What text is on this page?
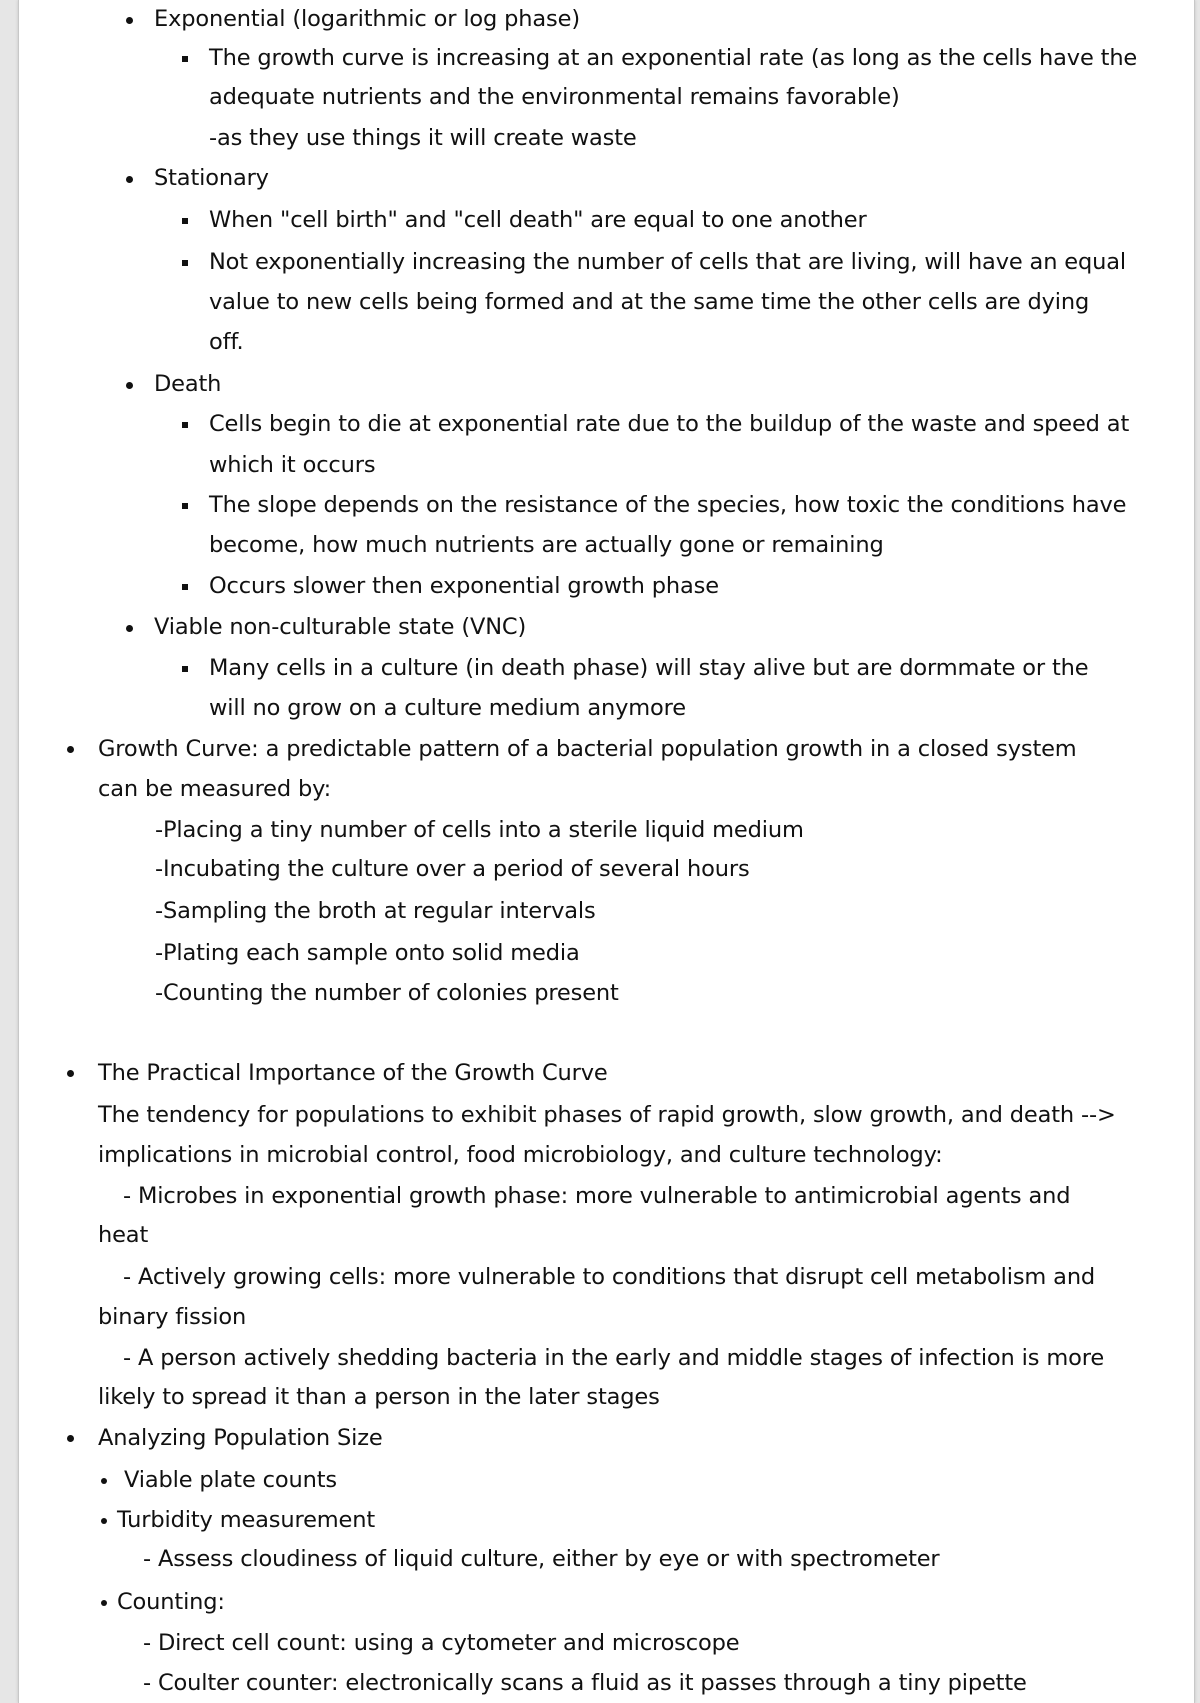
Exponential (logarithmic or log phase)
The growth curve is increasing at an exponential rate (as long as the cells have the
adequate nutrients and the environmental remains favorable)
-as they use things it will create waste
Stationary
When "cell birth" and "cell death" are equal to one another
Not exponentially increasing the number of cells that are living, will have an equal
value to new cells being formed and at the same time the other cells are dying
off.
Death
Cells begin to die at exponential rate due to the buildup of the waste and speed at
which it occurs
The slope depends on the resistance of the species, how toxic the conditions have
become, how much nutrients are actually gone or remaining
Occurs slower then exponential growth phase
Viable non-culturable state (VNC)
Many cells in a culture (in death phase) will stay alive but are dormmate or the
will no grow on a culture medium anymore
Growth Curve: a predictable pattern of a bacterial population growth in a closed system
can be measured by:
-Placing a tiny number of cells into a sterile liquid medium
-Incubating the culture over a period of several hours
-Sampling the broth at regular intervals
-Plating each sample onto solid media
-Counting the number of colonies present
The Practical Importance of the Growth Curve
The tendency for populations to exhibit phases of rapid growth, slow growth, and death -->
implications in microbial control, food microbiology, and culture technology:
- Microbes in exponential growth phase: more vulnerable to antimicrobial agents and
heat
- Actively growing cells: more vulnerable to conditions that disrupt cell metabolism and
binary fission
- A person actively shedding bacteria in the early and middle stages of infection is more
likely to spread it than a person in the later stages
Analyzing Population Size
Viable plate counts
Turbidity measurement
- Assess cloudiness of liquid culture, either by eye or with spectrometer
Counting:
- Direct cell count: using a cytometer and microscope
- Coulter counter: electronically scans a fluid as it passes through a tiny pipette
